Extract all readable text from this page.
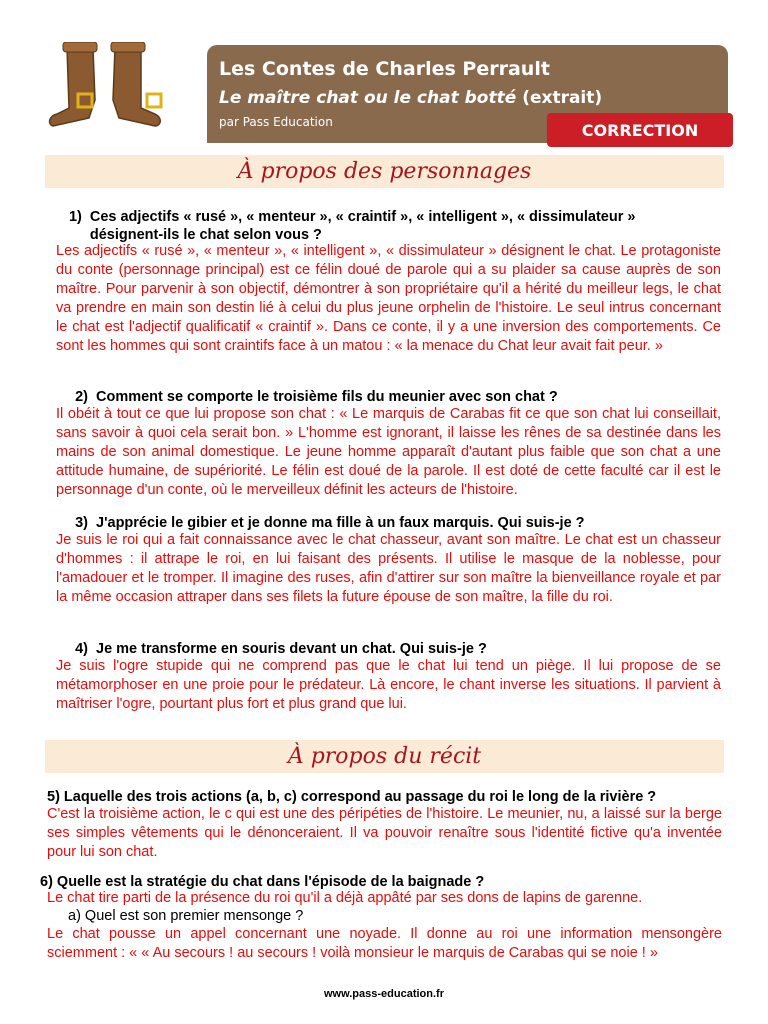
Les Contes de Charles Perrault
Le maître chat ou le chat botté (extrait)
par Pass Education	CORRECTION
À propos des personnages
1) Ces adjectifs « rusé », « menteur », « craintif », « intelligent », « dissimulateur » désignent-ils le chat selon vous ?
Les adjectifs « rusé », « menteur », « intelligent », « dissimulateur » désignent le chat. Le protagoniste du conte (personnage principal) est ce félin doué de parole qui a su plaider sa cause auprès de son maître. Pour parvenir à son objectif, démontrer à son propriétaire qu'il a hérité du meilleur legs, le chat va prendre en main son destin lié à celui du plus jeune orphelin de l'histoire. Le seul intrus concernant le chat est l'adjectif qualificatif « craintif ». Dans ce conte, il y a une inversion des comportements. Ce sont les hommes qui sont craintifs face à un matou : « la menace du Chat leur avait fait peur. »
2) Comment se comporte le troisième fils du meunier avec son chat ?
Il obéit à tout ce que lui propose son chat : « Le marquis de Carabas fit ce que son chat lui conseillait, sans savoir à quoi cela serait bon. » L'homme est ignorant, il laisse les rênes de sa destinée dans les mains de son animal domestique. Le jeune homme apparaît d'autant plus faible que son chat a une attitude humaine, de supériorité. Le félin est doué de la parole. Il est doté de cette faculté car il est le personnage d'un conte, où le merveilleux définit les acteurs de l'histoire.
3) J'apprécie le gibier et je donne ma fille à un faux marquis. Qui suis-je ?
Je suis le roi qui a fait connaissance avec le chat chasseur, avant son maître. Le chat est un chasseur d'hommes : il attrape le roi, en lui faisant des présents. Il utilise le masque de la noblesse, pour l'amadouer et le tromper. Il imagine des ruses, afin d'attirer sur son maître la bienveillance royale et par la même occasion attraper dans ses filets la future épouse de son maître, la fille du roi.
4) Je me transforme en souris devant un chat. Qui suis-je ?
Je suis l'ogre stupide qui ne comprend pas que le chat lui tend un piège. Il lui propose de se métamorphoser en une proie pour le prédateur. Là encore, le chant inverse les situations. Il parvient à maîtriser l'ogre, pourtant plus fort et plus grand que lui.
À propos du récit
5) Laquelle des trois actions (a, b, c) correspond au passage du roi le long de la rivière ?
C'est la troisième action, le c qui est une des péripéties de l'histoire. Le meunier, nu, a laissé sur la berge ses simples vêtements qui le dénonceraient. Il va pouvoir renaître sous l'identité fictive qu'a inventée pour lui son chat.
6) Quelle est la stratégie du chat dans l'épisode de la baignade ?
Le chat tire parti de la présence du roi qu'il a déjà appâté par ses dons de lapins de garenne.
a) Quel est son premier mensonge ?
Le chat pousse un appel concernant une noyade. Il donne au roi une information mensongère sciemment : « « Au secours ! au secours ! voilà monsieur le marquis de Carabas qui se noie ! »
www.pass-education.fr
